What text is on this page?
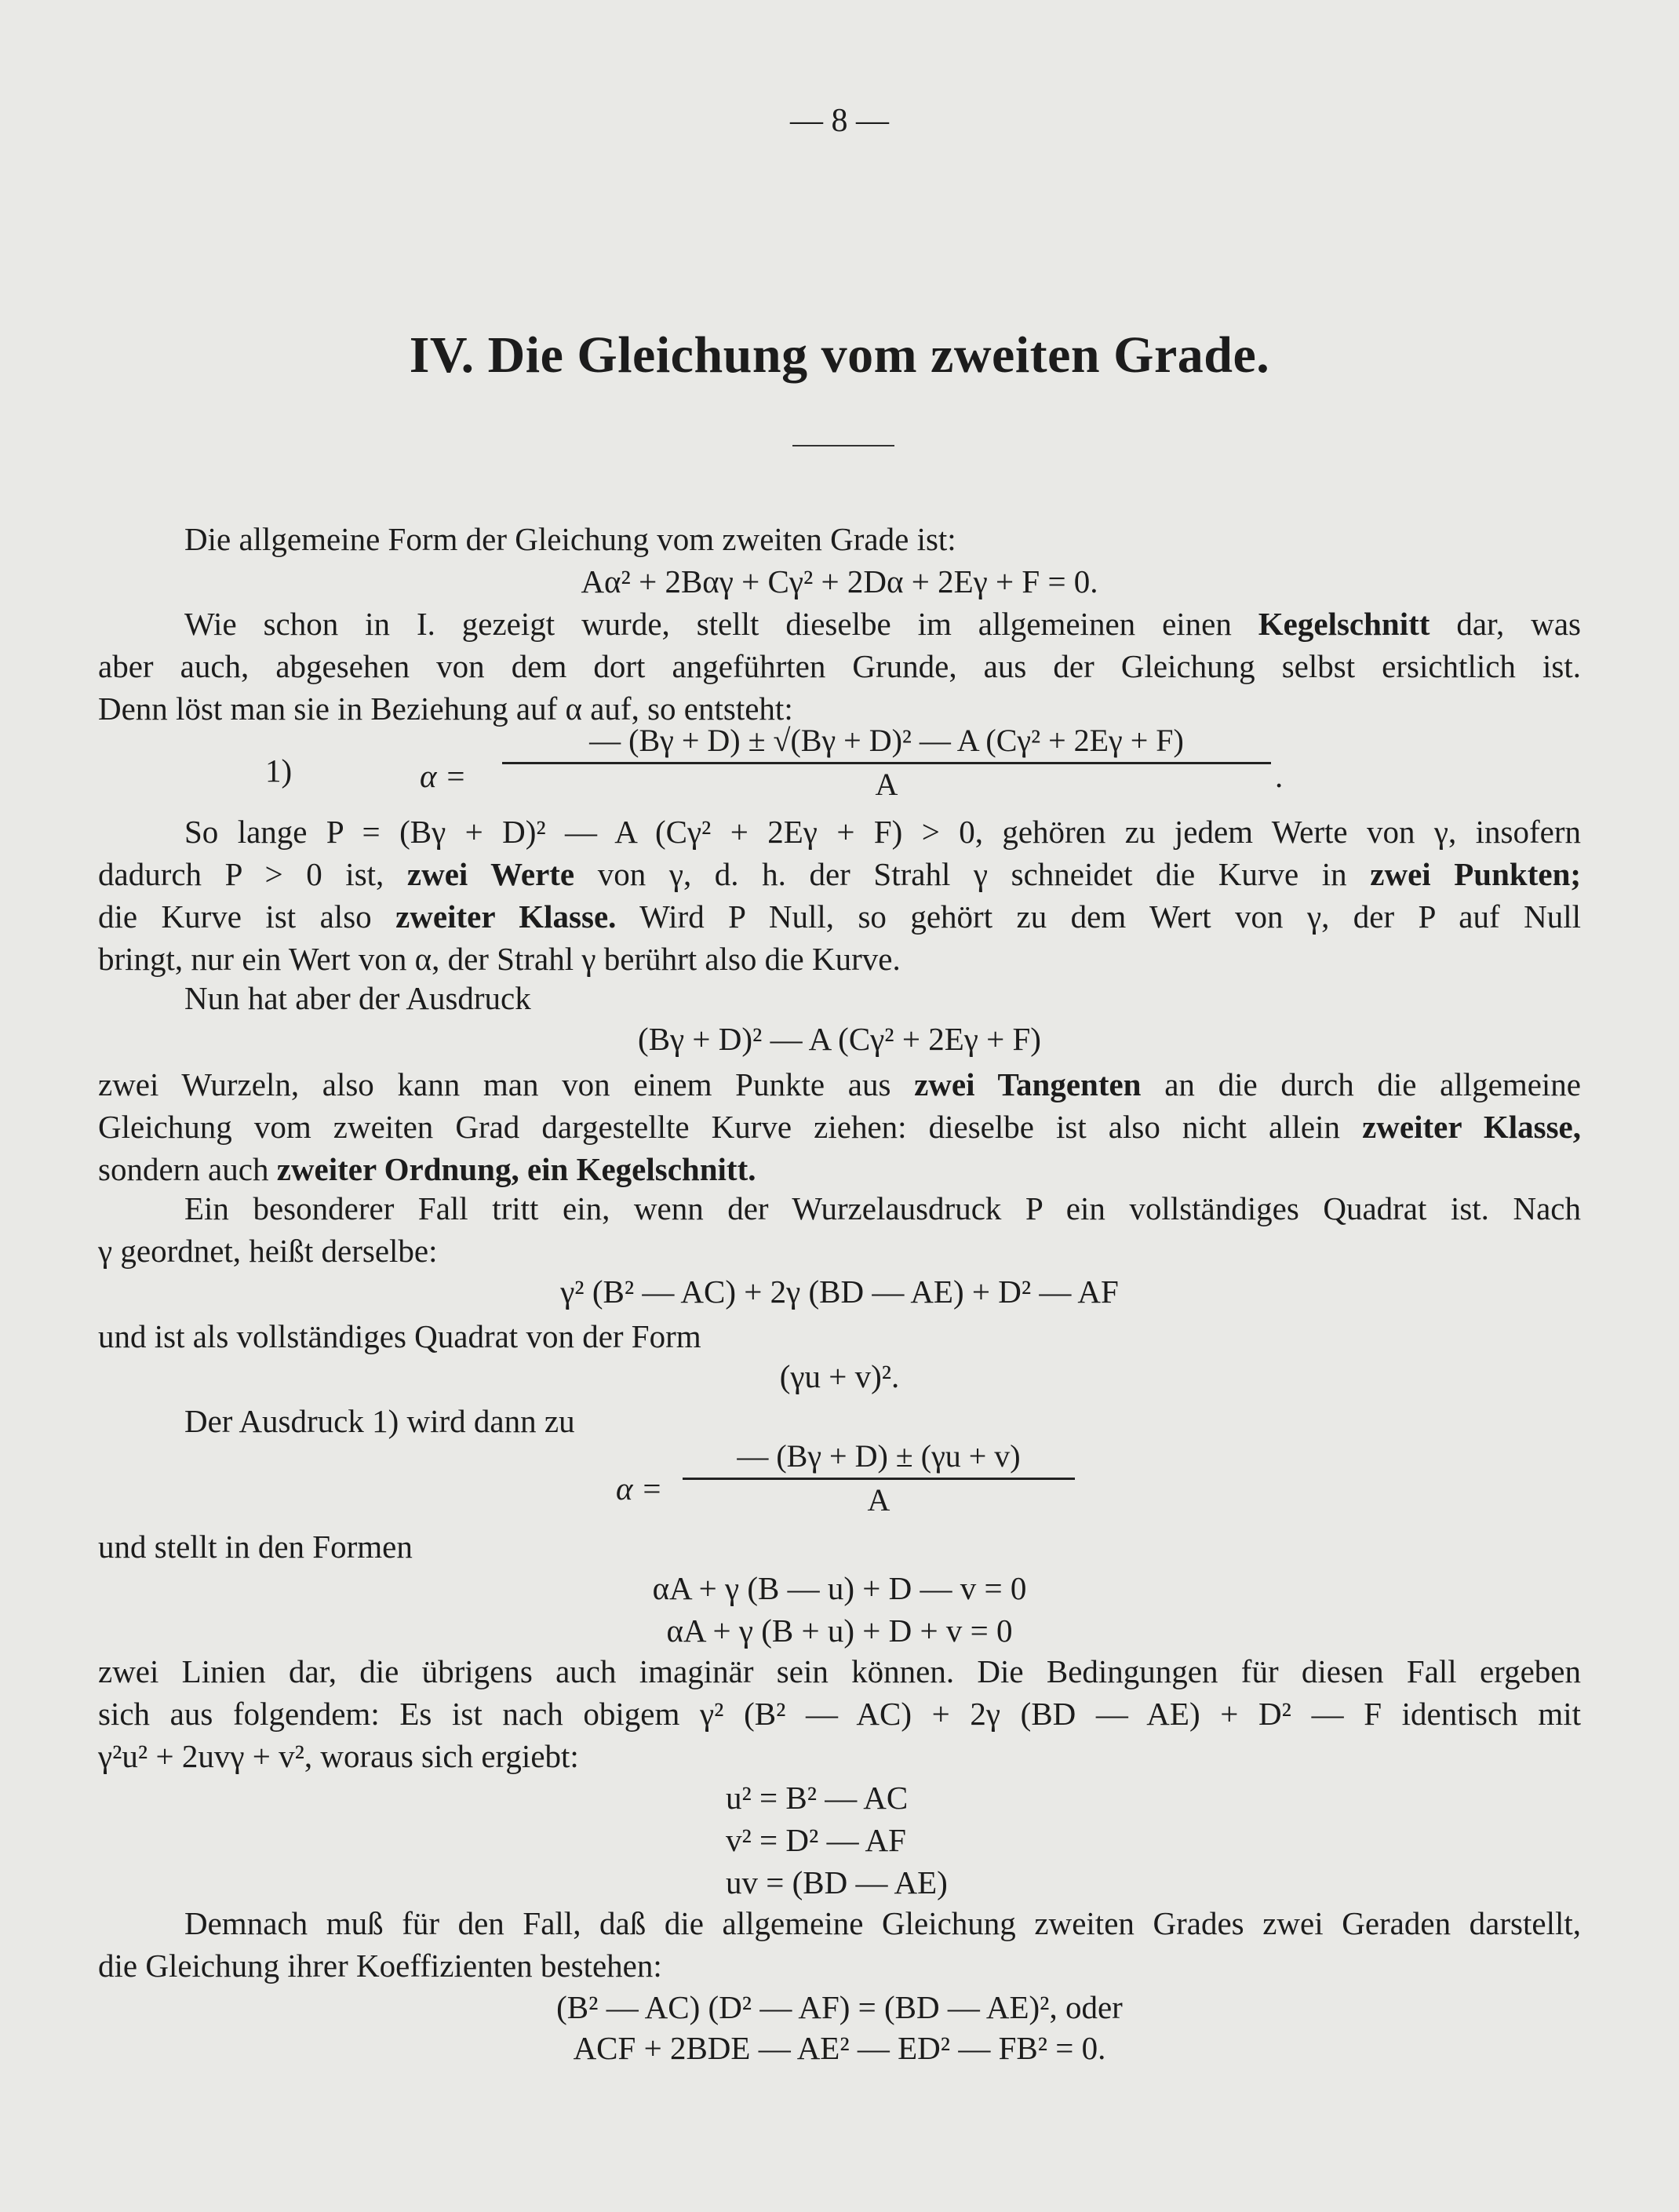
— 8 —
IV. Die Gleichung vom zweiten Grade.
Die allgemeine Form der Gleichung vom zweiten Grade ist:
Aα² + 2Bαγ + Cγ² + 2Dα + 2Eγ + F = 0.
Wie schon in I. gezeigt wurde, stellt dieselbe im allgemeinen einen Kegelschnitt dar, was
aber auch, abgesehen von dem dort angeführten Grunde, aus der Gleichung selbst ersichtlich ist.
Denn löst man sie in Beziehung auf α auf, so entsteht:
1)	$\alpha = \frac{\text{— (Bγ + D) ± √(Bγ + D)² — A (Cγ² + 2Eγ + F)}}{A}$ .
So lange P = (Bγ + D)² — A (Cγ² + 2Eγ + F) > 0, gehören zu jedem Werte von γ, insofern
dadurch P > 0 ist, zwei Werte von γ, d. h. der Strahl γ schneidet die Kurve in zwei Punkten;
die Kurve ist also zweiter Klasse. Wird P Null, so gehört zu dem Wert von γ, der P auf Null
bringt, nur ein Wert von α, der Strahl γ berührt also die Kurve.
Nun hat aber der Ausdruck
(Bγ + D)² — A (Cγ² + 2Eγ + F)
zwei Wurzeln, also kann man von einem Punkte aus zwei Tangenten an die durch die allgemeine
Gleichung vom zweiten Grad dargestellte Kurve ziehen: dieselbe ist also nicht allein zweiter Klasse,
sondern auch zweiter Ordnung, ein Kegelschnitt.
Ein besonderer Fall tritt ein, wenn der Wurzelausdruck P ein vollständiges Quadrat ist. Nach
γ geordnet, heißt derselbe:
γ² (B² — AC) + 2γ (BD — AE) + D² — AF
und ist als vollständiges Quadrat von der Form
(γu + v)².
Der Ausdruck 1) wird dann zu
$\alpha = \frac{— (B\gamma + D) \pm (\gamma u + v)}{A}$
und stellt in den Formen
αA + γ (B — u) + D — v = 0
αA + γ (B + u) + D + v = 0
zwei Linien dar, die übrigens auch imaginär sein können. Die Bedingungen für diesen Fall ergeben
sich aus folgendem: Es ist nach obigem γ² (B² — AC) + 2γ (BD — AE) + D² — F identisch mit
γ²u² + 2uvγ + v², woraus sich ergiebt:
u² = B² — AC
v² = D² — AF
uv = (BD — AE)
Demnach muß für den Fall, daß die allgemeine Gleichung zweiten Grades zwei Geraden darstellt,
die Gleichung ihrer Koeffizienten bestehen:
(B² — AC) (D² — AF) = (BD — AE)², oder
ACF + 2BDE — AE² — ED² — FB² = 0.
